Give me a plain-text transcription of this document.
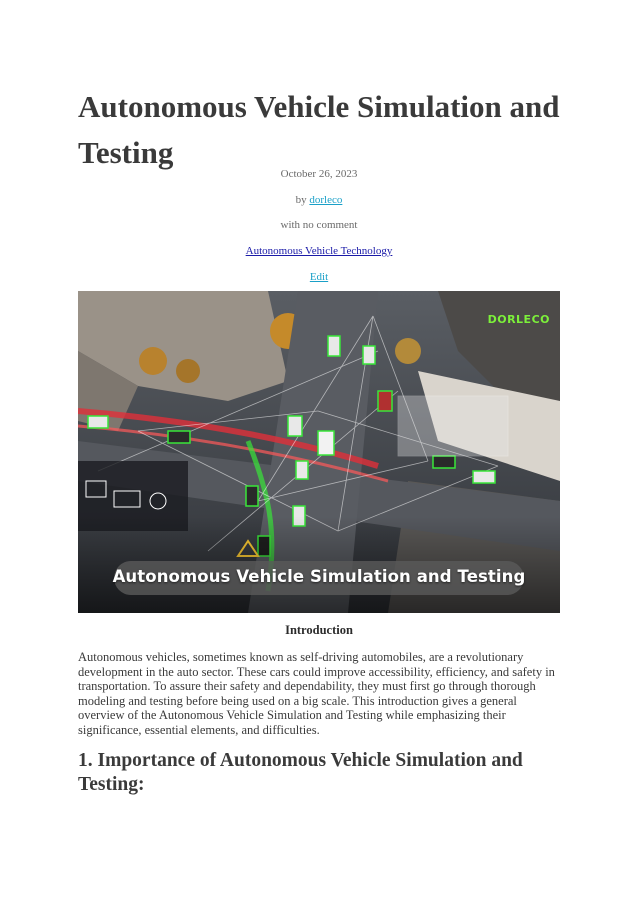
Autonomous Vehicle Simulation and Testing
October 26, 2023
by dorleco
with no comment
Autonomous Vehicle Technology
Edit
DORLECO
Autonomous Vehicle Simulation and Testing
Introduction

Autonomous vehicles, sometimes known as self-driving automobiles, are a revolutionary development in the auto sector. These cars could improve accessibility, efficiency, and safety in transportation. To assure their safety and dependability, they must first go through thorough modeling and testing before being used on a big scale. This introduction gives a general overview of the Autonomous Vehicle Simulation and Testing while emphasizing their significance, essential elements, and difficulties.

1. Importance of Autonomous Vehicle Simulation and Testing:
